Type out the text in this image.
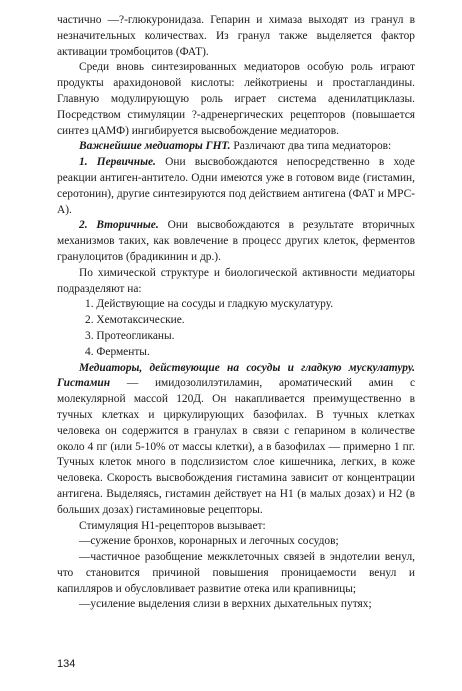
частично —?-глюкуронидаза. Гепарин и химаза выходят из гранул в незначительных количествах. Из гранул также выделяется фактор активации тромбоцитов (ФАТ).

Среди вновь синтезированных медиаторов особую роль играют продукты арахидоновой кислоты: лейкотриены и простагландины. Главную модулирующую роль играет система аденилатциклазы. Посредством стимуляции ?-адренергических рецепторов (повышается синтез цАМФ) ингибируется высвобождение медиаторов.

Важнейшие медиаторы ГНТ. Различают два типа медиаторов:

1. Первичные. Они высвобождаются непосредственно в ходе реакции антиген-антитело. Одни имеются уже в готовом виде (гистамин, серотонин), другие синтезируются под действием антигена (ФАТ и МРС-А).

2. Вторичные. Они высвобождаются в результате вторичных механизмов таких, как вовлечение в процесс других клеток, ферментов гранулоцитов (брадикинин и др.).

По химической структуре и биологической активности медиаторы подразделяют на:

1. Действующие на сосуды и гладкую мускулатуру.

2. Хемотаксические.

3. Протеогликаны.

4. Ферменты.

Медиаторы, действующие на сосуды и гладкую мускулатуру. Гистамин — имидозолилэтиламин, ароматический амин с молекулярной массой 120Д. Он накапливается преимущественно в тучных клетках и циркулирующих базофилах. В тучных клетках человека он содержится в гранулах в связи с гепарином в количестве около 4 пг (или 5-10% от массы клетки), а в базофилах — примерно 1 пг. Тучных клеток много в подслизистом слое кишечника, легких, в коже человека. Скорость высвобождения гистамина зависит от концентрации антигена. Выделяясь, гистамин действует на Н1 (в малых дозах) и Н2 (в больших дозах) гистаминовые рецепторы.

Стимуляция Н1-рецепторов вызывает:

—сужение бронхов, коронарных и легочных сосудов;

—частичное разобщение межклеточных связей в эндотелии венул, что становится причиной повышения проницаемости венул и капилляров и обусловливает развитие отека или крапивницы;

—усиление выделения слизи в верхних дыхательных путях;

134
